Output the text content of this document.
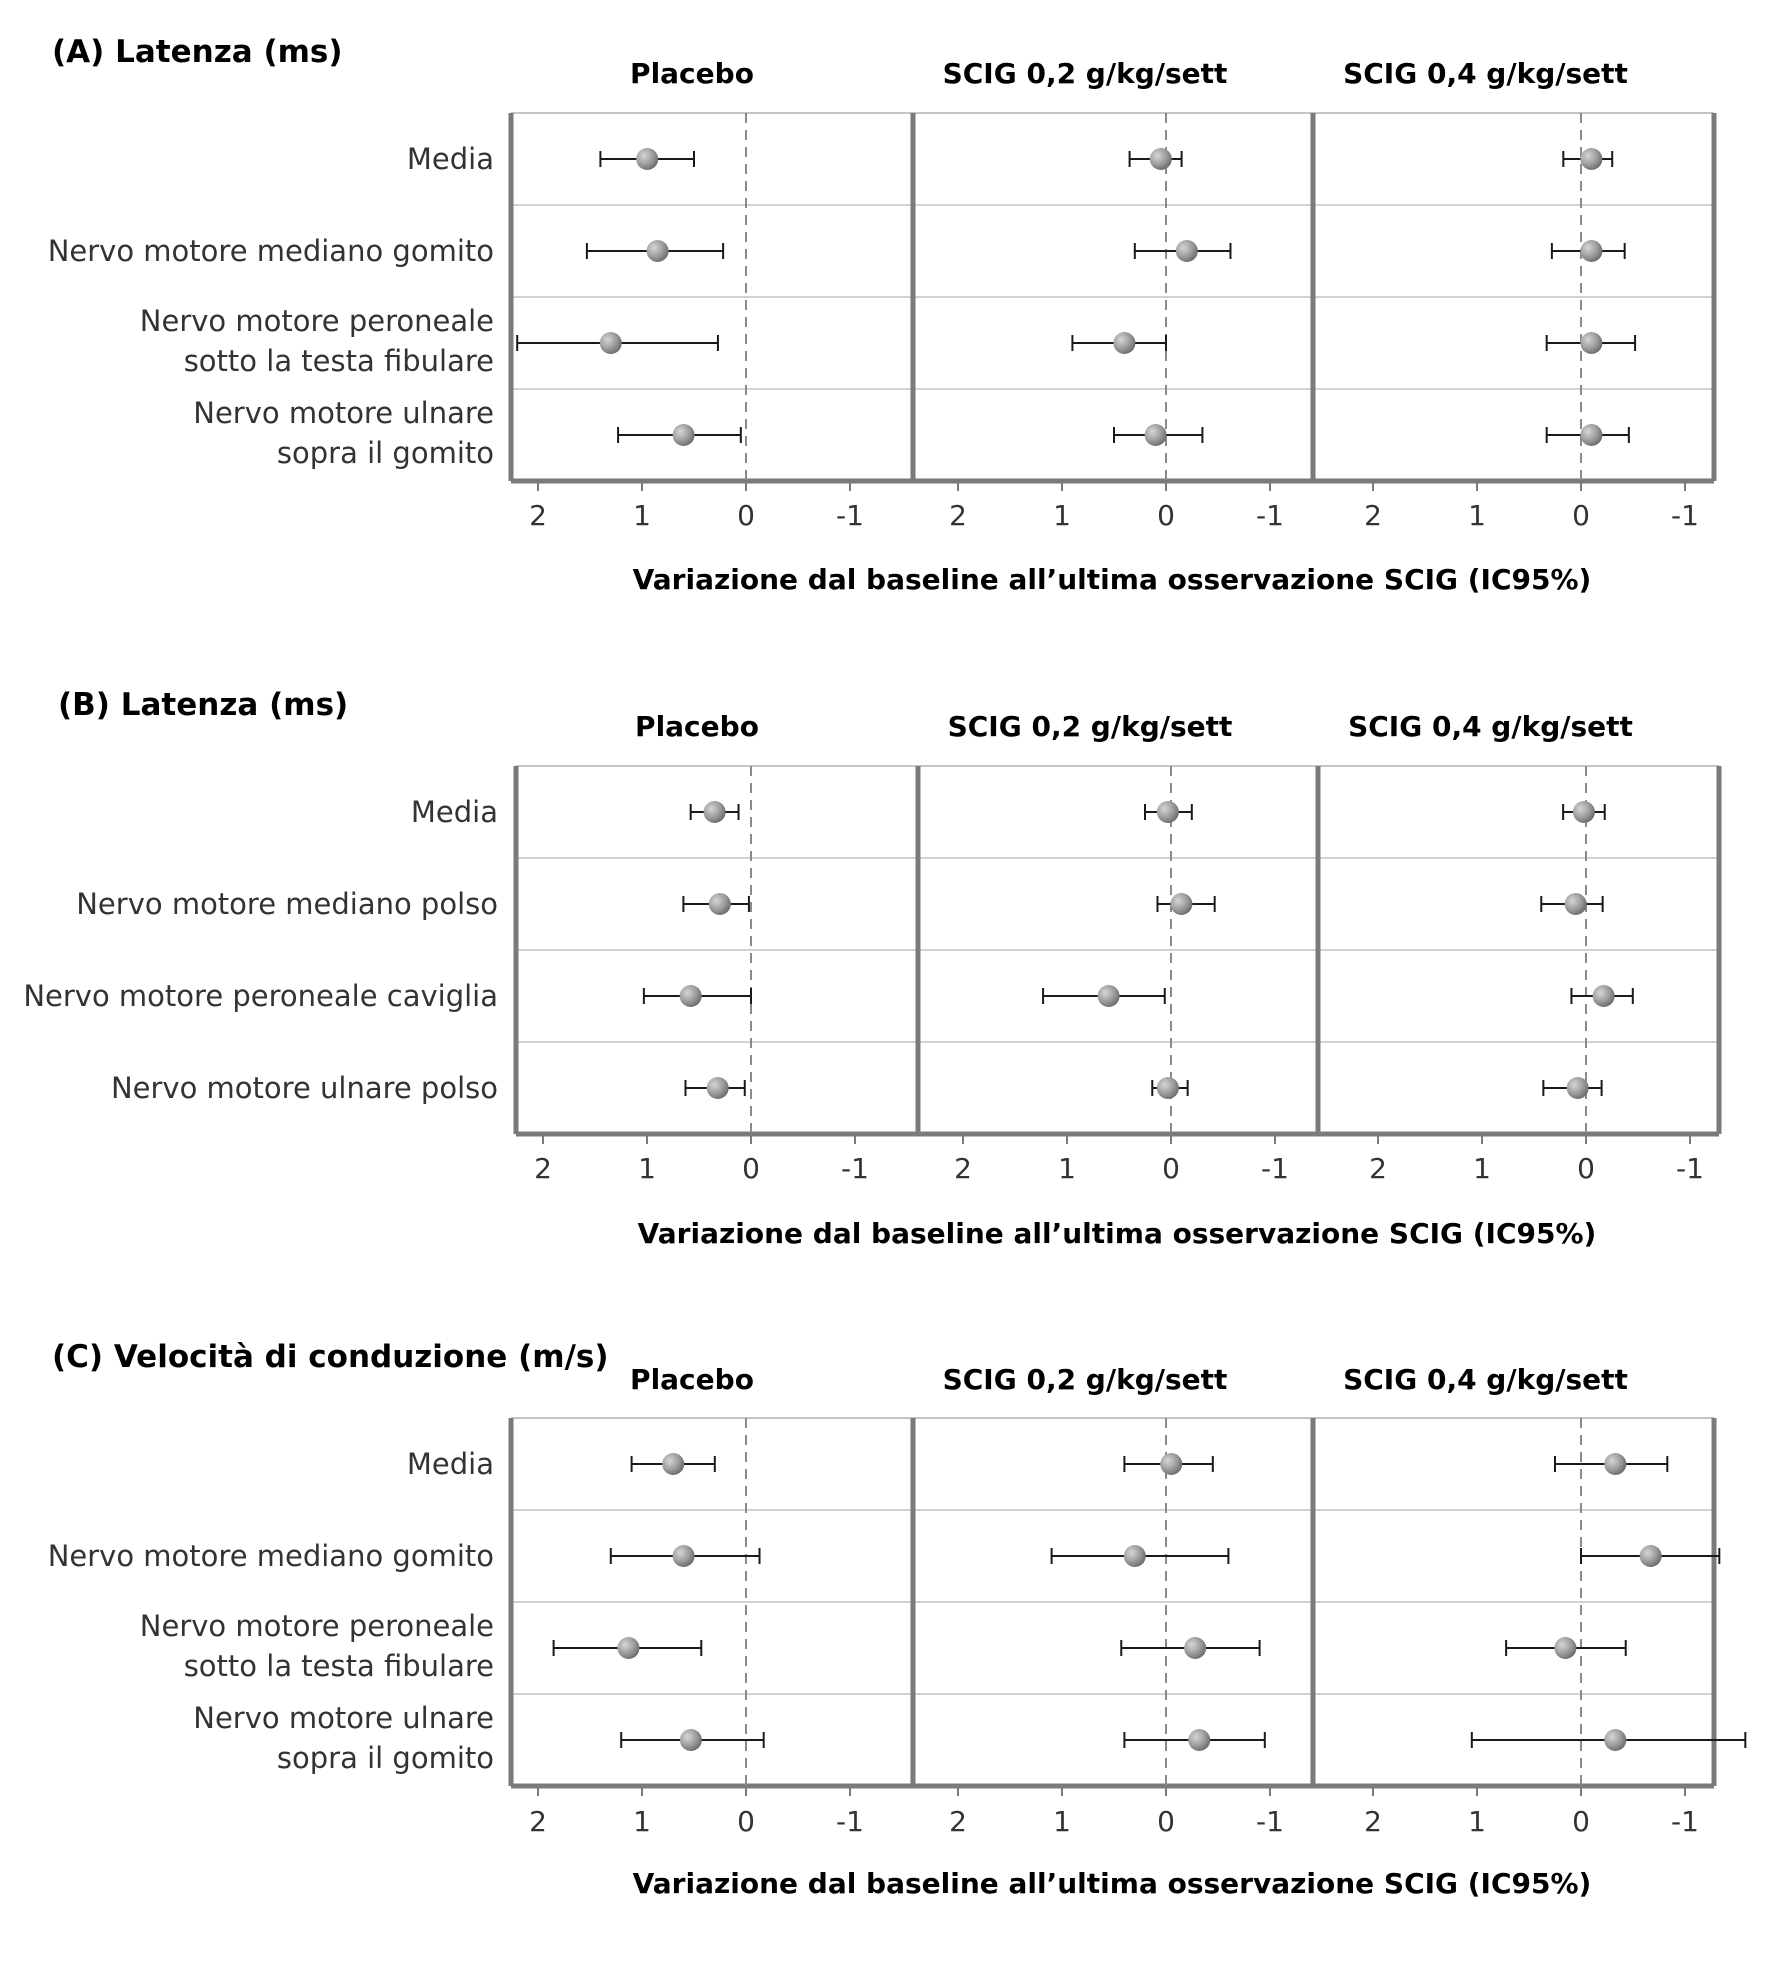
(A) Latenza (ms)
Placebo
2	1	0	-1
SCIG 0,2 g/kg/sett
2	1	0	-1
SCIG 0,4 g/kg/sett
2	1	0	-1
Media
Nervo motore mediano gomito
Nervo motore peroneale
sotto la testa fibulare
Nervo motore ulnare
sopra il gomito
Variazione dal baseline all’ultima osservazione SCIG (IC95%)
(B) Latenza (ms)
Placebo
2	1	0	-1
SCIG 0,2 g/kg/sett
2	1	0	-1
SCIG 0,4 g/kg/sett
2	1	0	-1
Media
Nervo motore mediano polso
Nervo motore peroneale caviglia
Nervo motore ulnare polso
Variazione dal baseline all’ultima osservazione SCIG (IC95%)
(C) Velocità di conduzione (m/s)
Placebo
2	1	0	-1
SCIG 0,2 g/kg/sett
2	1	0	-1
SCIG 0,4 g/kg/sett
2	1	0	-1
Media
Nervo motore mediano gomito
Nervo motore peroneale
sotto la testa fibulare
Nervo motore ulnare
sopra il gomito
Variazione dal baseline all’ultima osservazione SCIG (IC95%)
